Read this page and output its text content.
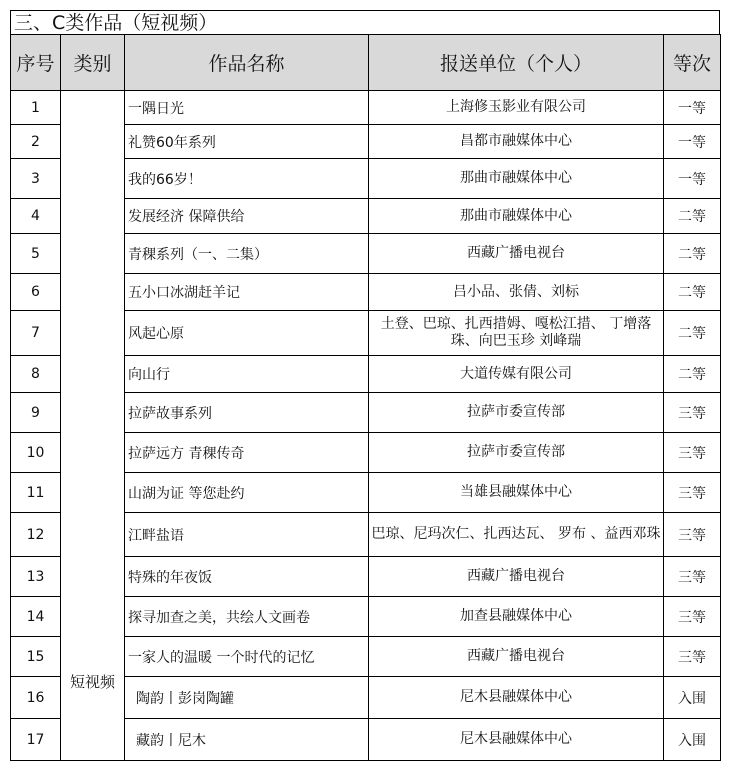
三、C类作品（短视频）
序号	类别	作品名称	报送单位（个人）	等次
1	短视频	一隅日光	上海修玉影业有限公司	一等
2		礼赞60年系列	昌都市融媒体中心	一等
3		我的66岁！	那曲市融媒体中心	一等
4		发展经济 保障供给	那曲市融媒体中心	二等
5		青稞系列（一、二集）	西藏广播电视台	二等
6		五小口冰湖赶羊记	吕小品、张倩、刘标	二等
7		风起心原	土登、巴琼、扎西措姆、嘎松江措、 丁增落珠、向巴玉珍 刘峰瑞	二等
8		向山行	大道传媒有限公司	二等
9		拉萨故事系列	拉萨市委宣传部	三等
10		拉萨远方 青稞传奇	拉萨市委宣传部	三等
11		山湖为证 等您赴约	当雄县融媒体中心	三等
12		江畔盐语	巴琼、尼玛次仁、扎西达瓦、 罗布 、益西邓珠	三等
13		特殊的年夜饭	西藏广播电视台	三等
14		探寻加查之美，共绘人文画卷	加查县融媒体中心	三等
15		一家人的温暖 一个时代的记忆	西藏广播电视台	三等
16		陶韵丨彭岗陶罐	尼木县融媒体中心	入围
17		藏韵丨尼木	尼木县融媒体中心	入围
